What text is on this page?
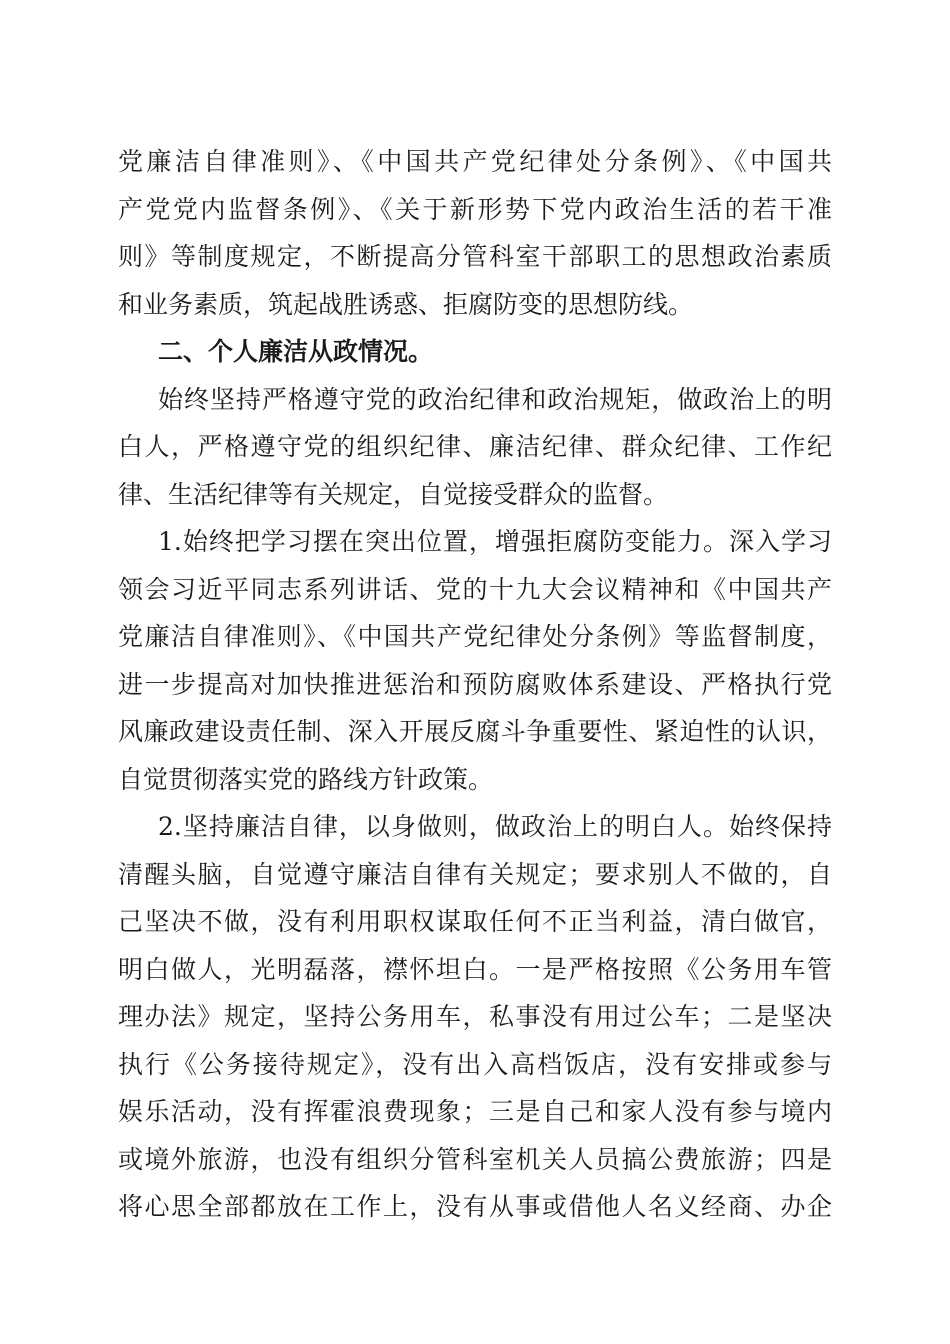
党廉洁自律准则》、《中国共产党纪律处分条例》、《中国共
产党党内监督条例》、《关于新形势下党内政治生活的若干准
则》等制度规定，不断提高分管科室干部职工的思想政治素质
和业务素质，筑起战胜诱惑、拒腐防变的思想防线。
二、个人廉洁从政情况。
始终坚持严格遵守党的政治纪律和政治规矩，做政治上的明
白人，严格遵守党的组织纪律、廉洁纪律、群众纪律、工作纪
律、生活纪律等有关规定，自觉接受群众的监督。
1.始终把学习摆在突出位置，增强拒腐防变能力。深入学习
领会习近平同志系列讲话、党的十九大会议精神和《中国共产
党廉洁自律准则》、《中国共产党纪律处分条例》等监督制度，
进一步提高对加快推进惩治和预防腐败体系建设、严格执行党
风廉政建设责任制、深入开展反腐斗争重要性、紧迫性的认识，
自觉贯彻落实党的路线方针政策。
2.坚持廉洁自律，以身做则，做政治上的明白人。始终保持
清醒头脑，自觉遵守廉洁自律有关规定；要求别人不做的，自
己坚决不做，没有利用职权谋取任何不正当利益，清白做官，
明白做人，光明磊落，襟怀坦白。一是严格按照《公务用车管
理办法》规定，坚持公务用车，私事没有用过公车；二是坚决
执行《公务接待规定》，没有出入高档饭店，没有安排或参与
娱乐活动，没有挥霍浪费现象；三是自己和家人没有参与境内
或境外旅游，也没有组织分管科室机关人员搞公费旅游；四是
将心思全部都放在工作上，没有从事或借他人名义经商、办企
